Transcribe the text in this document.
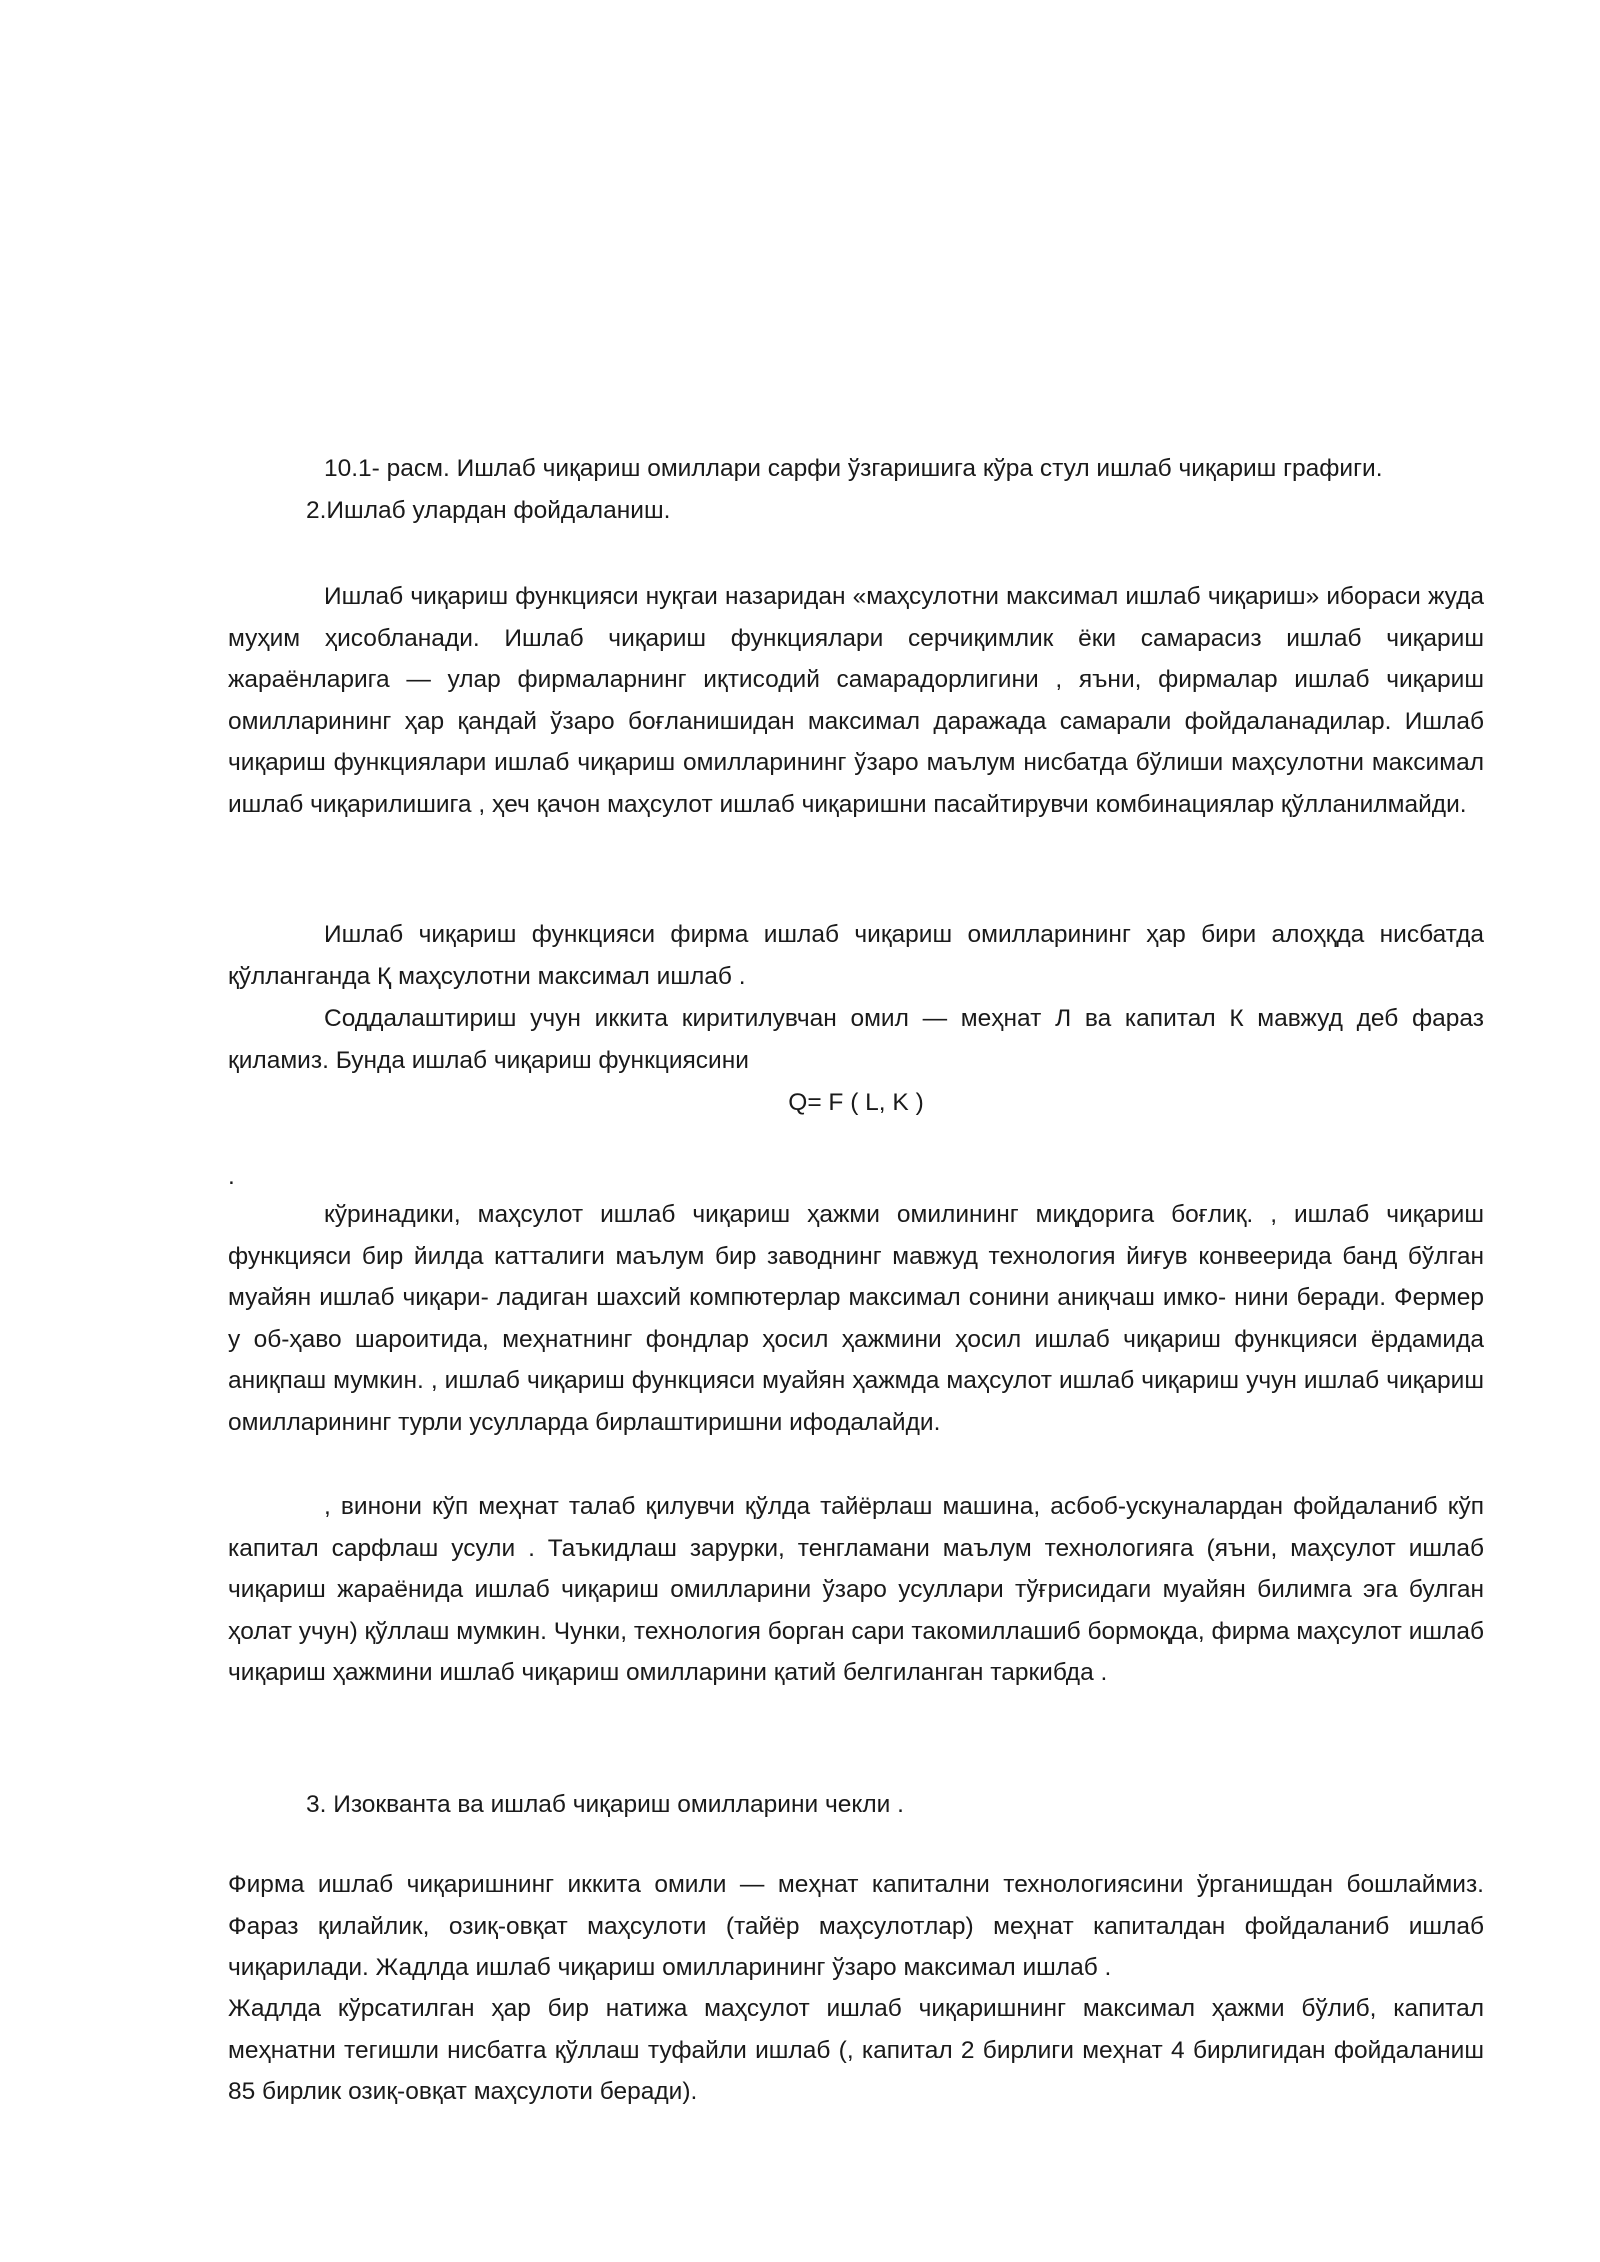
10.1- расм. Ишлаб чиқариш омиллари сарфи ўзгаришига кўра стул ишлаб чиқариш графиги.

2.Ишлаб улардан фойдаланиш.

Ишлаб чиқариш функцияси нуқгаи назаридан «маҳсулотни максимал ишлаб чиқариш» ибораси жуда муҳим ҳисобланади. Ишлаб чиқариш функциялари серчиқимлик ёки самарасиз ишлаб чиқариш жараёнларига — улар фирмаларнинг иқтисодий самарадорлигини , яъни, фирмалар ишлаб чиқариш омилларининг ҳар қандай ўзаро боғланишидан максимал даражада самарали фойдаланадилар. Ишлаб чиқариш функциялари ишлаб чиқариш омилларининг ўзаро маълум нисбатда бўлиши маҳсулотни максимал ишлаб чиқарилишига , ҳеч қачон маҳсулот ишлаб чиқаришни пасайтирувчи комбинациялар қўлланилмайди.

Ишлаб чиқариш функцияси фирма ишлаб чиқариш омилларининг ҳар бири алоҳқда нисбатда қўлланганда Қ маҳсулотни максимал ишлаб .

Соддалаштириш учун иккита киритилувчан омил — меҳнат Л ва капитал К мавжуд деб фараз қиламиз. Бунда ишлаб чиқариш функциясини

Q= F ( L, K )

.

кўринадики, маҳсулот ишлаб чиқариш ҳажми омилининг миқдорига боғлиқ. , ишлаб чиқариш функцияси бир йилда катталиги маълум бир заводнинг мавжуд технология йиғув конвеерида банд бўлган муайян ишлаб чиқари- ладиган шахсий компютерлар максимал сонини аниқчаш имко- нини беради. Фермер у об-ҳаво шароитида, меҳнатнинг фондлар ҳосил ҳажмини ҳосил ишлаб чиқариш функцияси ёрдамида аниқпаш мумкин. , ишлаб чиқариш функцияси муайян ҳажмда маҳсулот ишлаб чиқариш учун ишлаб чиқариш омилларининг турли усулларда бирлаштиришни ифодалайди.

, винони кўп меҳнат талаб қилувчи қўлда тайёрлаш машина, асбоб-ускуналардан фойдаланиб кўп капитал сарфлаш усули . Таъкидлаш зарурки, тенгламани маълум технологияга (яъни, маҳсулот ишлаб чиқариш жараёнида ишлаб чиқариш омилларини ўзаро усуллари тўғрисидаги муайян билимга эга булган ҳолат учун) қўллаш мумкин. Чунки, технология борган сари такомиллашиб бормоқда, фирма маҳсулот ишлаб чиқариш ҳажмини ишлаб чиқариш омилларини қатий белгиланган таркибда .

3. Изокванта ва ишлаб чиқариш омилларини чекли .

Фирма ишлаб чиқаришнинг иккита омили — меҳнат капитални технологиясини ўрганишдан бошлаймиз. Фараз қилайлик, озиқ-овқат маҳсулоти (тайёр маҳсулотлар) меҳнат капиталдан фойдаланиб ишлаб чиқарилади. Жадлда ишлаб чиқариш омилларининг ўзаро максимал ишлаб .

Жадлда кўрсатилган ҳар бир натижа маҳсулот ишлаб чиқаришнинг максимал ҳажми бўлиб, капитал меҳнатни тегишли нисбатга қўллаш туфайли ишлаб (, капитал 2 бирлиги меҳнат 4 бирлигидан фойдаланиш 85 бирлик озиқ-овқат маҳсулоти беради).
